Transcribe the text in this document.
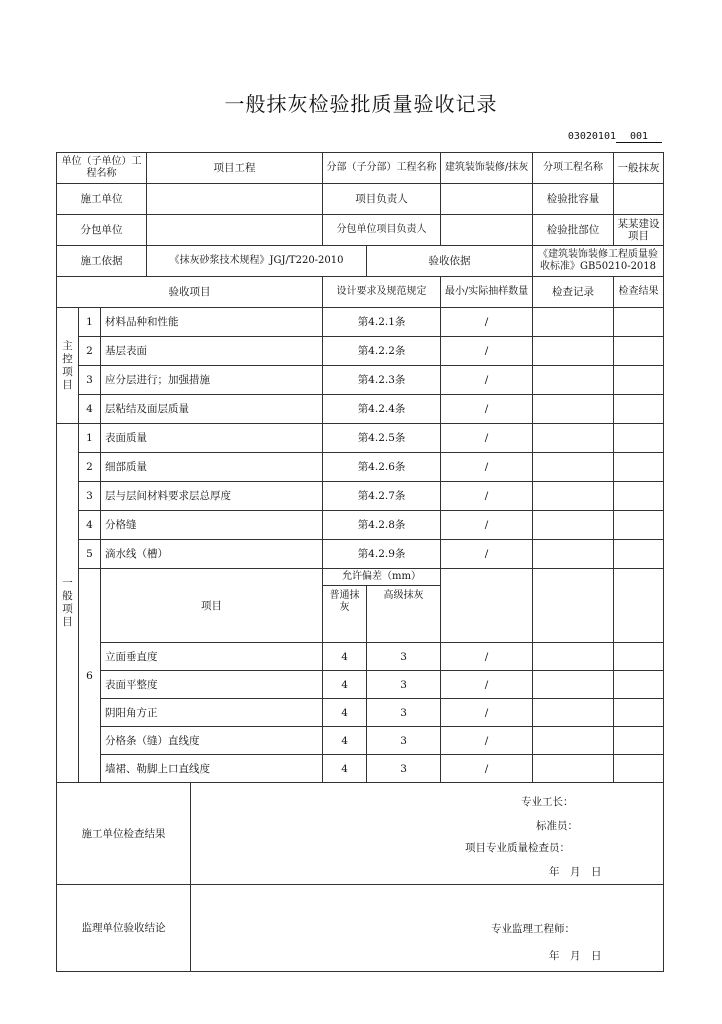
一般抹灰检验批质量验收记录
03020101 001
单位（子单位）工程名称			项目工程		分部（子分部）工程名称		建筑装饰装修/抹灰	分项工程名称	一般抹灰
施工单位					项目负责人			检验批容量	
分包单位					分包单位项目负责人			检验批部位	某某建设项目
施工依据			《抹灰砂浆技术规程》JGJ/T220-2010			验收依据		《建筑装饰装修工程质量验收标准》GB50210-2018	
验收项目					设计要求及规范规定		最小/实际抽样数量	检查记录	检查结果
主控项目	1	材料品种和性能			第4.2.1条		/		
	2	基层表面			第4.2.2条		/		
	3	应分层进行；加强措施			第4.2.3条		/		
	4	层粘结及面层质量			第4.2.4条		/		
一般项目	1	表面质量			第4.2.5条		/		
	2	细部质量			第4.2.6条		/		
	3	层与层间材料要求层总厚度			第4.2.7条		/		
	4	分格缝			第4.2.8条		/		
	5	滴水线（槽）			第4.2.9条		/		
	6	项目			允许偏差（mm）				
					普通抹灰	高级抹灰			
		立面垂直度			4	3	/		
		表面平整度			4	3	/		
		阴阳角方正			4	3	/		
		分格条（缝）直线度			4	3	/		
		墙裙、勒脚上口直线度			4	3	/		
施工单位检查结果				专业工长：
标准员：
项目专业质量检查员：
年　月　日					

监理单位验收结论				专业监理工程师：
年　月　日					
